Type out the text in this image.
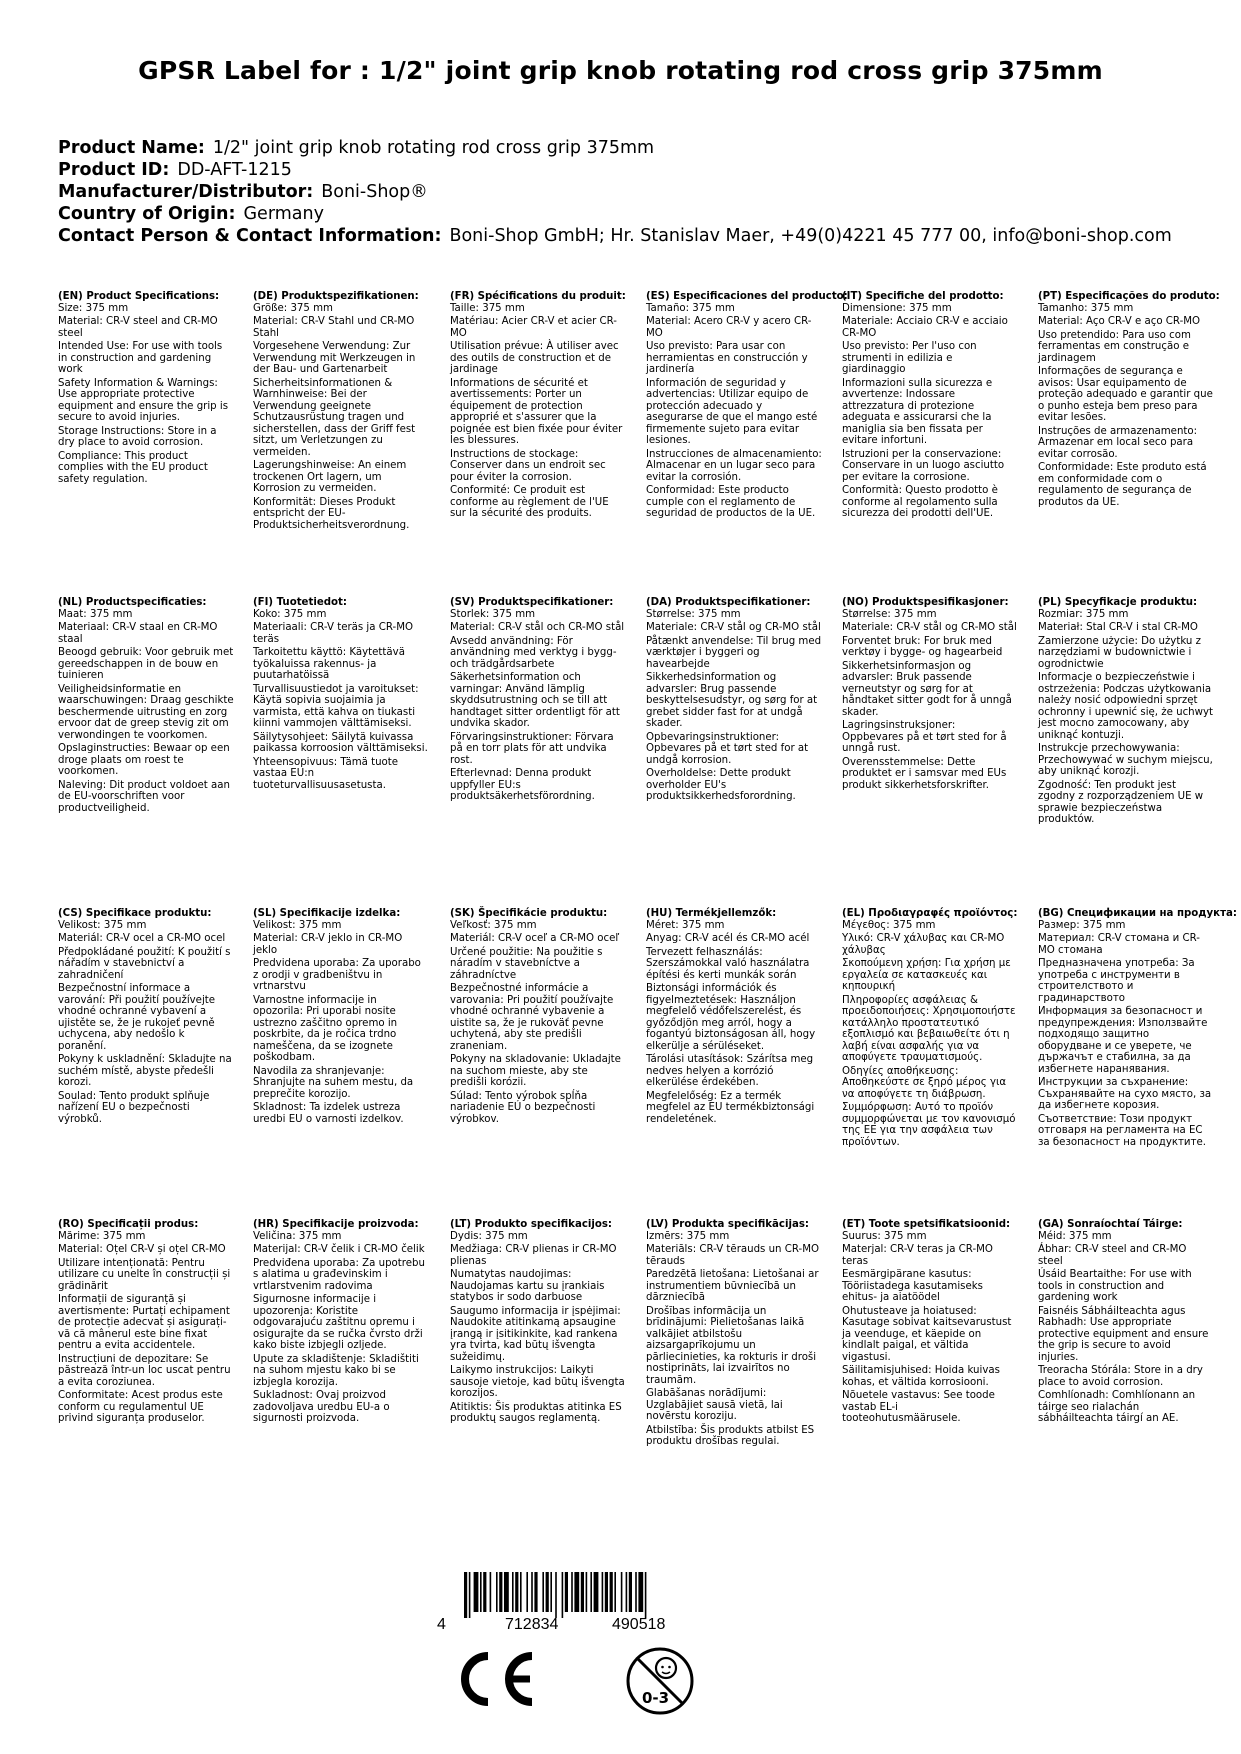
GPSR Label for : 1/2" joint grip knob rotating rod cross grip 375mm
Product Name: 1/2" joint grip knob rotating rod cross grip 375mm
Product ID: DD-AFT-1215
Manufacturer/Distributor: Boni-Shop®
Country of Origin: Germany
Contact Person & Contact Information: Boni-Shop GmbH; Hr. Stanislav Maer, +49(0)4221 45 777 00, info@boni-shop.com
(EN) Product Specifications:

Size: 375 mm

Material: CR-V steel and CR-MO steel

Intended Use: For use with tools in construction and gardening work

Safety Information & Warnings: Use appropriate protective equipment and ensure the grip is secure to avoid injuries.

Storage Instructions: Store in a dry place to avoid corrosion.

Compliance: This product complies with the EU product safety regulation.

(DE) Produktspezifikationen:

Größe: 375 mm

Material: CR-V Stahl und CR-MO Stahl

Vorgesehene Verwendung: Zur Verwendung mit Werkzeugen in der Bau- und Gartenarbeit

Sicherheitsinformationen & Warnhinweise: Bei der Verwendung geeignete Schutzausrüstung tragen und sicherstellen, dass der Griff fest sitzt, um Verletzungen zu vermeiden.

Lagerungshinweise: An einem trockenen Ort lagern, um Korrosion zu vermeiden.

Konformität: Dieses Produkt entspricht der EU-Produktsicherheitsverordnung.

(FR) Spécifications du produit:

Taille: 375 mm

Matériau: Acier CR-V et acier CR-MO

Utilisation prévue: À utiliser avec des outils de construction et de jardinage

Informations de sécurité et avertissements: Porter un équipement de protection approprié et s'assurer que la poignée est bien fixée pour éviter les blessures.

Instructions de stockage: Conserver dans un endroit sec pour éviter la corrosion.

Conformité: Ce produit est conforme au règlement de l'UE sur la sécurité des produits.

(ES) Especificaciones del producto:

Tamaño: 375 mm

Material: Acero CR-V y acero CR-MO

Uso previsto: Para usar con herramientas en construcción y jardinería

Información de seguridad y advertencias: Utilizar equipo de protección adecuado y asegurarse de que el mango esté firmemente sujeto para evitar lesiones.

Instrucciones de almacenamiento: Almacenar en un lugar seco para evitar la corrosión.

Conformidad: Este producto cumple con el reglamento de seguridad de productos de la UE.

(IT) Specifiche del prodotto:

Dimensione: 375 mm

Materiale: Acciaio CR-V e acciaio CR-MO

Uso previsto: Per l'uso con strumenti in edilizia e giardinaggio

Informazioni sulla sicurezza e avvertenze: Indossare attrezzatura di protezione adeguata e assicurarsi che la maniglia sia ben fissata per evitare infortuni.

Istruzioni per la conservazione: Conservare in un luogo asciutto per evitare la corrosione.

Conformità: Questo prodotto è conforme al regolamento sulla sicurezza dei prodotti dell'UE.

(PT) Especificações do produto:

Tamanho: 375 mm

Material: Aço CR-V e aço CR-MO

Uso pretendido: Para uso com ferramentas em construção e jardinagem

Informações de segurança e avisos: Usar equipamento de proteção adequado e garantir que o punho esteja bem preso para evitar lesões.

Instruções de armazenamento: Armazenar em local seco para evitar corrosão.

Conformidade: Este produto está em conformidade com o regulamento de segurança de produtos da UE.

(NL) Productspecificaties:

Maat: 375 mm

Materiaal: CR-V staal en CR-MO staal

Beoogd gebruik: Voor gebruik met gereedschappen in de bouw en tuinieren

Veiligheidsinformatie en waarschuwingen: Draag geschikte beschermende uitrusting en zorg ervoor dat de greep stevig zit om verwondingen te voorkomen.

Opslaginstructies: Bewaar op een droge plaats om roest te voorkomen.

Naleving: Dit product voldoet aan de EU-voorschriften voor productveiligheid.

(FI) Tuotetiedot:

Koko: 375 mm

Materiaali: CR-V teräs ja CR-MO teräs

Tarkoitettu käyttö: Käytettävä työkaluissa rakennus- ja puutarhatöissä

Turvallisuustiedot ja varoitukset: Käytä sopivia suojaimia ja varmista, että kahva on tiukasti kiinni vammojen välttämiseksi.

Säilytysohjeet: Säilytä kuivassa paikassa korroosion välttämiseksi.

Yhteensopivuus: Tämä tuote vastaa EU:n tuoteturvallisuusasetusta.

(SV) Produktspecifikationer:

Storlek: 375 mm

Material: CR-V stål och CR-MO stål

Avsedd användning: För användning med verktyg i bygg- och trädgårdsarbete

Säkerhetsinformation och varningar: Använd lämplig skyddsutrustning och se till att handtaget sitter ordentligt för att undvika skador.

Förvaringsinstruktioner: Förvara på en torr plats för att undvika rost.

Efterlevnad: Denna produkt uppfyller EU:s produktsäkerhetsförordning.

(DA) Produktspecifikationer:

Størrelse: 375 mm

Materiale: CR-V stål og CR-MO stål

Påtænkt anvendelse: Til brug med værktøjer i byggeri og havearbejde

Sikkerhedsinformation og advarsler: Brug passende beskyttelsesudstyr, og sørg for at grebet sidder fast for at undgå skader.

Opbevaringsinstruktioner: Opbevares på et tørt sted for at undgå korrosion.

Overholdelse: Dette produkt overholder EU's produktsikkerhedsforordning.

(NO) Produktspesifikasjoner:

Størrelse: 375 mm

Materiale: CR-V stål og CR-MO stål

Forventet bruk: For bruk med verktøy i bygge- og hagearbeid

Sikkerhetsinformasjon og advarsler: Bruk passende verneutstyr og sørg for at håndtaket sitter godt for å unngå skader.

Lagringsinstruksjoner: Oppbevares på et tørt sted for å unngå rust.

Overensstemmelse: Dette produktet er i samsvar med EUs produkt sikkerhetsforskrifter.

(PL) Specyfikacje produktu:

Rozmiar: 375 mm

Materiał: Stal CR-V i stal CR-MO

Zamierzone użycie: Do użytku z narzędziami w budownictwie i ogrodnictwie

Informacje o bezpieczeństwie i ostrzeżenia: Podczas użytkowania należy nosić odpowiedni sprzęt ochronny i upewnić się, że uchwyt jest mocno zamocowany, aby uniknąć kontuzji.

Instrukcje przechowywania: Przechowywać w suchym miejscu, aby uniknąć korozji.

Zgodność: Ten produkt jest zgodny z rozporządzeniem UE w sprawie bezpieczeństwa produktów.

(CS) Specifikace produktu:

Velikost: 375 mm

Materiál: CR-V ocel a CR-MO ocel

Předpokládané použití: K použití s nářadím v stavebnictví a zahradničení

Bezpečnostní informace a varování: Při použití používejte vhodné ochranné vybavení a ujistěte se, že je rukojeť pevně uchycena, aby nedošlo k poranění.

Pokyny k uskladnění: Skladujte na suchém místě, abyste předešli korozi.

Soulad: Tento produkt splňuje nařízení EU o bezpečnosti výrobků.

(SL) Specifikacije izdelka:

Velikost: 375 mm

Material: CR-V jeklo in CR-MO jeklo

Predvidena uporaba: Za uporabo z orodji v gradbeništvu in vrtnarstvu

Varnostne informacije in opozorila: Pri uporabi nosite ustrezno zaščitno opremo in poskrbite, da je ročica trdno nameščena, da se izognete poškodbam.

Navodila za shranjevanje: Shranjujte na suhem mestu, da preprečite korozijo.

Skladnost: Ta izdelek ustreza uredbi EU o varnosti izdelkov.

(SK) Špecifikácie produktu:

Veľkosť: 375 mm

Materiál: CR-V oceľ a CR-MO oceľ

Určené použitie: Na použitie s náradím v stavebníctve a záhradníctve

Bezpečnostné informácie a varovania: Pri použití používajte vhodné ochranné vybavenie a uistite sa, že je rukoväť pevne uchytená, aby ste predišli zraneniam.

Pokyny na skladovanie: Ukladajte na suchom mieste, aby ste predišli korózii.

Súlad: Tento výrobok spĺňa nariadenie EÚ o bezpečnosti výrobkov.

(HU) Termékjellemzők:

Méret: 375 mm

Anyag: CR-V acél és CR-MO acél

Tervezett felhasználás: Szerszámokkal való használatra építési és kerti munkák során

Biztonsági információk és figyelmeztetések: Használjon megfelelő védőfelszerelést, és győződjön meg arról, hogy a fogantyú biztonságosan áll, hogy elkerülje a sérüléseket.

Tárolási utasítások: Szárítsa meg nedves helyen a korrózió elkerülése érdekében.

Megfelelőség: Ez a termék megfelel az EU termékbiztonsági rendeletének.

(EL) Προδιαγραφές προϊόντος:

Μέγεθος: 375 mm

Υλικό: CR-V χάλυβας και CR-MO χάλυβας

Σκοπούμενη χρήση: Για χρήση με εργαλεία σε κατασκευές και κηπουρική

Πληροφορίες ασφάλειας & προειδοποιήσεις: Χρησιμοποιήστε κατάλληλο προστατευτικό εξοπλισμό και βεβαιωθείτε ότι η λαβή είναι ασφαλής για να αποφύγετε τραυματισμούς.

Οδηγίες αποθήκευσης: Αποθηκεύστε σε ξηρό μέρος για να αποφύγετε τη διάβρωση.

Συμμόρφωση: Αυτό το προϊόν συμμορφώνεται με τον κανονισμό της ΕΕ για την ασφάλεια των προϊόντων.

(BG) Спецификации на продукта:

Размер: 375 mm

Материал: CR-V стомана и CR-MO стомана

Предназначена употреба: За употреба с инструменти в строителството и градинарството

Информация за безопасност и предупреждения: Използвайте подходящо защитно оборудване и се уверете, че държачът е стабилна, за да избегнете наранявания.

Инструкции за съхранение: Съхранявайте на сухо място, за да избегнете корозия.

Съответствие: Този продукт отговаря на регламента на ЕС за безопасност на продуктите.

(RO) Specificații produs:

Mărime: 375 mm

Material: Oțel CR-V și oțel CR-MO

Utilizare intenționată: Pentru utilizare cu unelte în construcții și grădinărit

Informații de siguranță și avertismente: Purtați echipament de protecție adecvat și asigurați-vă că mânerul este bine fixat pentru a evita accidentele.

Instrucțiuni de depozitare: Se păstrează într-un loc uscat pentru a evita coroziunea.

Conformitate: Acest produs este conform cu regulamentul UE privind siguranța produselor.

(HR) Specifikacije proizvoda:

Veličina: 375 mm

Materijal: CR-V čelik i CR-MO čelik

Predviđena uporaba: Za upotrebu s alatima u građevinskim i vrtlarstvenim radovima

Sigurnosne informacije i upozorenja: Koristite odgovarajuću zaštitnu opremu i osigurajte da se ručka čvrsto drži kako biste izbjegli ozljede.

Upute za skladištenje: Skladištiti na suhom mjestu kako bi se izbjegla korozija.

Sukladnost: Ovaj proizvod zadovoljava uredbu EU-a o sigurnosti proizvoda.

(LT) Produkto specifikacijos:

Dydis: 375 mm

Medžiaga: CR-V plienas ir CR-MO plienas

Numatytas naudojimas: Naudojamas kartu su įrankiais statybos ir sodo darbuose

Saugumo informacija ir įspėjimai: Naudokite atitinkamą apsaugine įrangą ir įsitikinkite, kad rankena yra tvirta, kad būtų išvengta sužeidimų.

Laikymo instrukcijos: Laikyti sausoje vietoje, kad būtų išvengta korozijos.

Atitiktis: Šis produktas atitinka ES produktų saugos reglamentą.

(LV) Produkta specifikācijas:

Izmērs: 375 mm

Materiāls: CR-V tērauds un CR-MO tērauds

Paredzētā lietošana: Lietošanai ar instrumentiem būvniecībā un dārzniecībā

Drošības informācija un brīdinājumi: Pielietošanas laikā valkājiet atbilstošu aizsargaprīkojumu un pārliecinieties, ka rokturis ir droši nostiprināts, lai izvairītos no traumām.

Glabāšanas norādījumi: Uzglabājiet sausā vietā, lai novērstu koroziju.

Atbilstība: Šis produkts atbilst ES produktu drošības regulai.

(ET) Toote spetsifikatsioonid:

Suurus: 375 mm

Materjal: CR-V teras ja CR-MO teras

Eesmärgipärane kasutus: Tööriistadega kasutamiseks ehitus- ja aiatöödel

Ohutusteave ja hoiatused: Kasutage sobivat kaitsevarustust ja veenduge, et käepide on kindlalt paigal, et vältida vigastusi.

Säilitamisjuhised: Hoida kuivas kohas, et vältida korrosiooni.

Nõuetele vastavus: See toode vastab EL-i tooteohutusmäärusele.

(GA) Sonraíochtaí Táirge:

Méid: 375 mm

Ábhar: CR-V steel and CR-MO steel

Úsáid Beartaithe: For use with tools in construction and gardening work

Faisnéis Sábháilteachta agus Rabhadh: Use appropriate protective equipment and ensure the grip is secure to avoid injuries.

Treoracha Stórála: Store in a dry place to avoid corrosion.

Comhlíonadh: Comhlíonann an táirge seo rialachán sábháilteachta táirgí an AE.

4	712834	490518
0-3
